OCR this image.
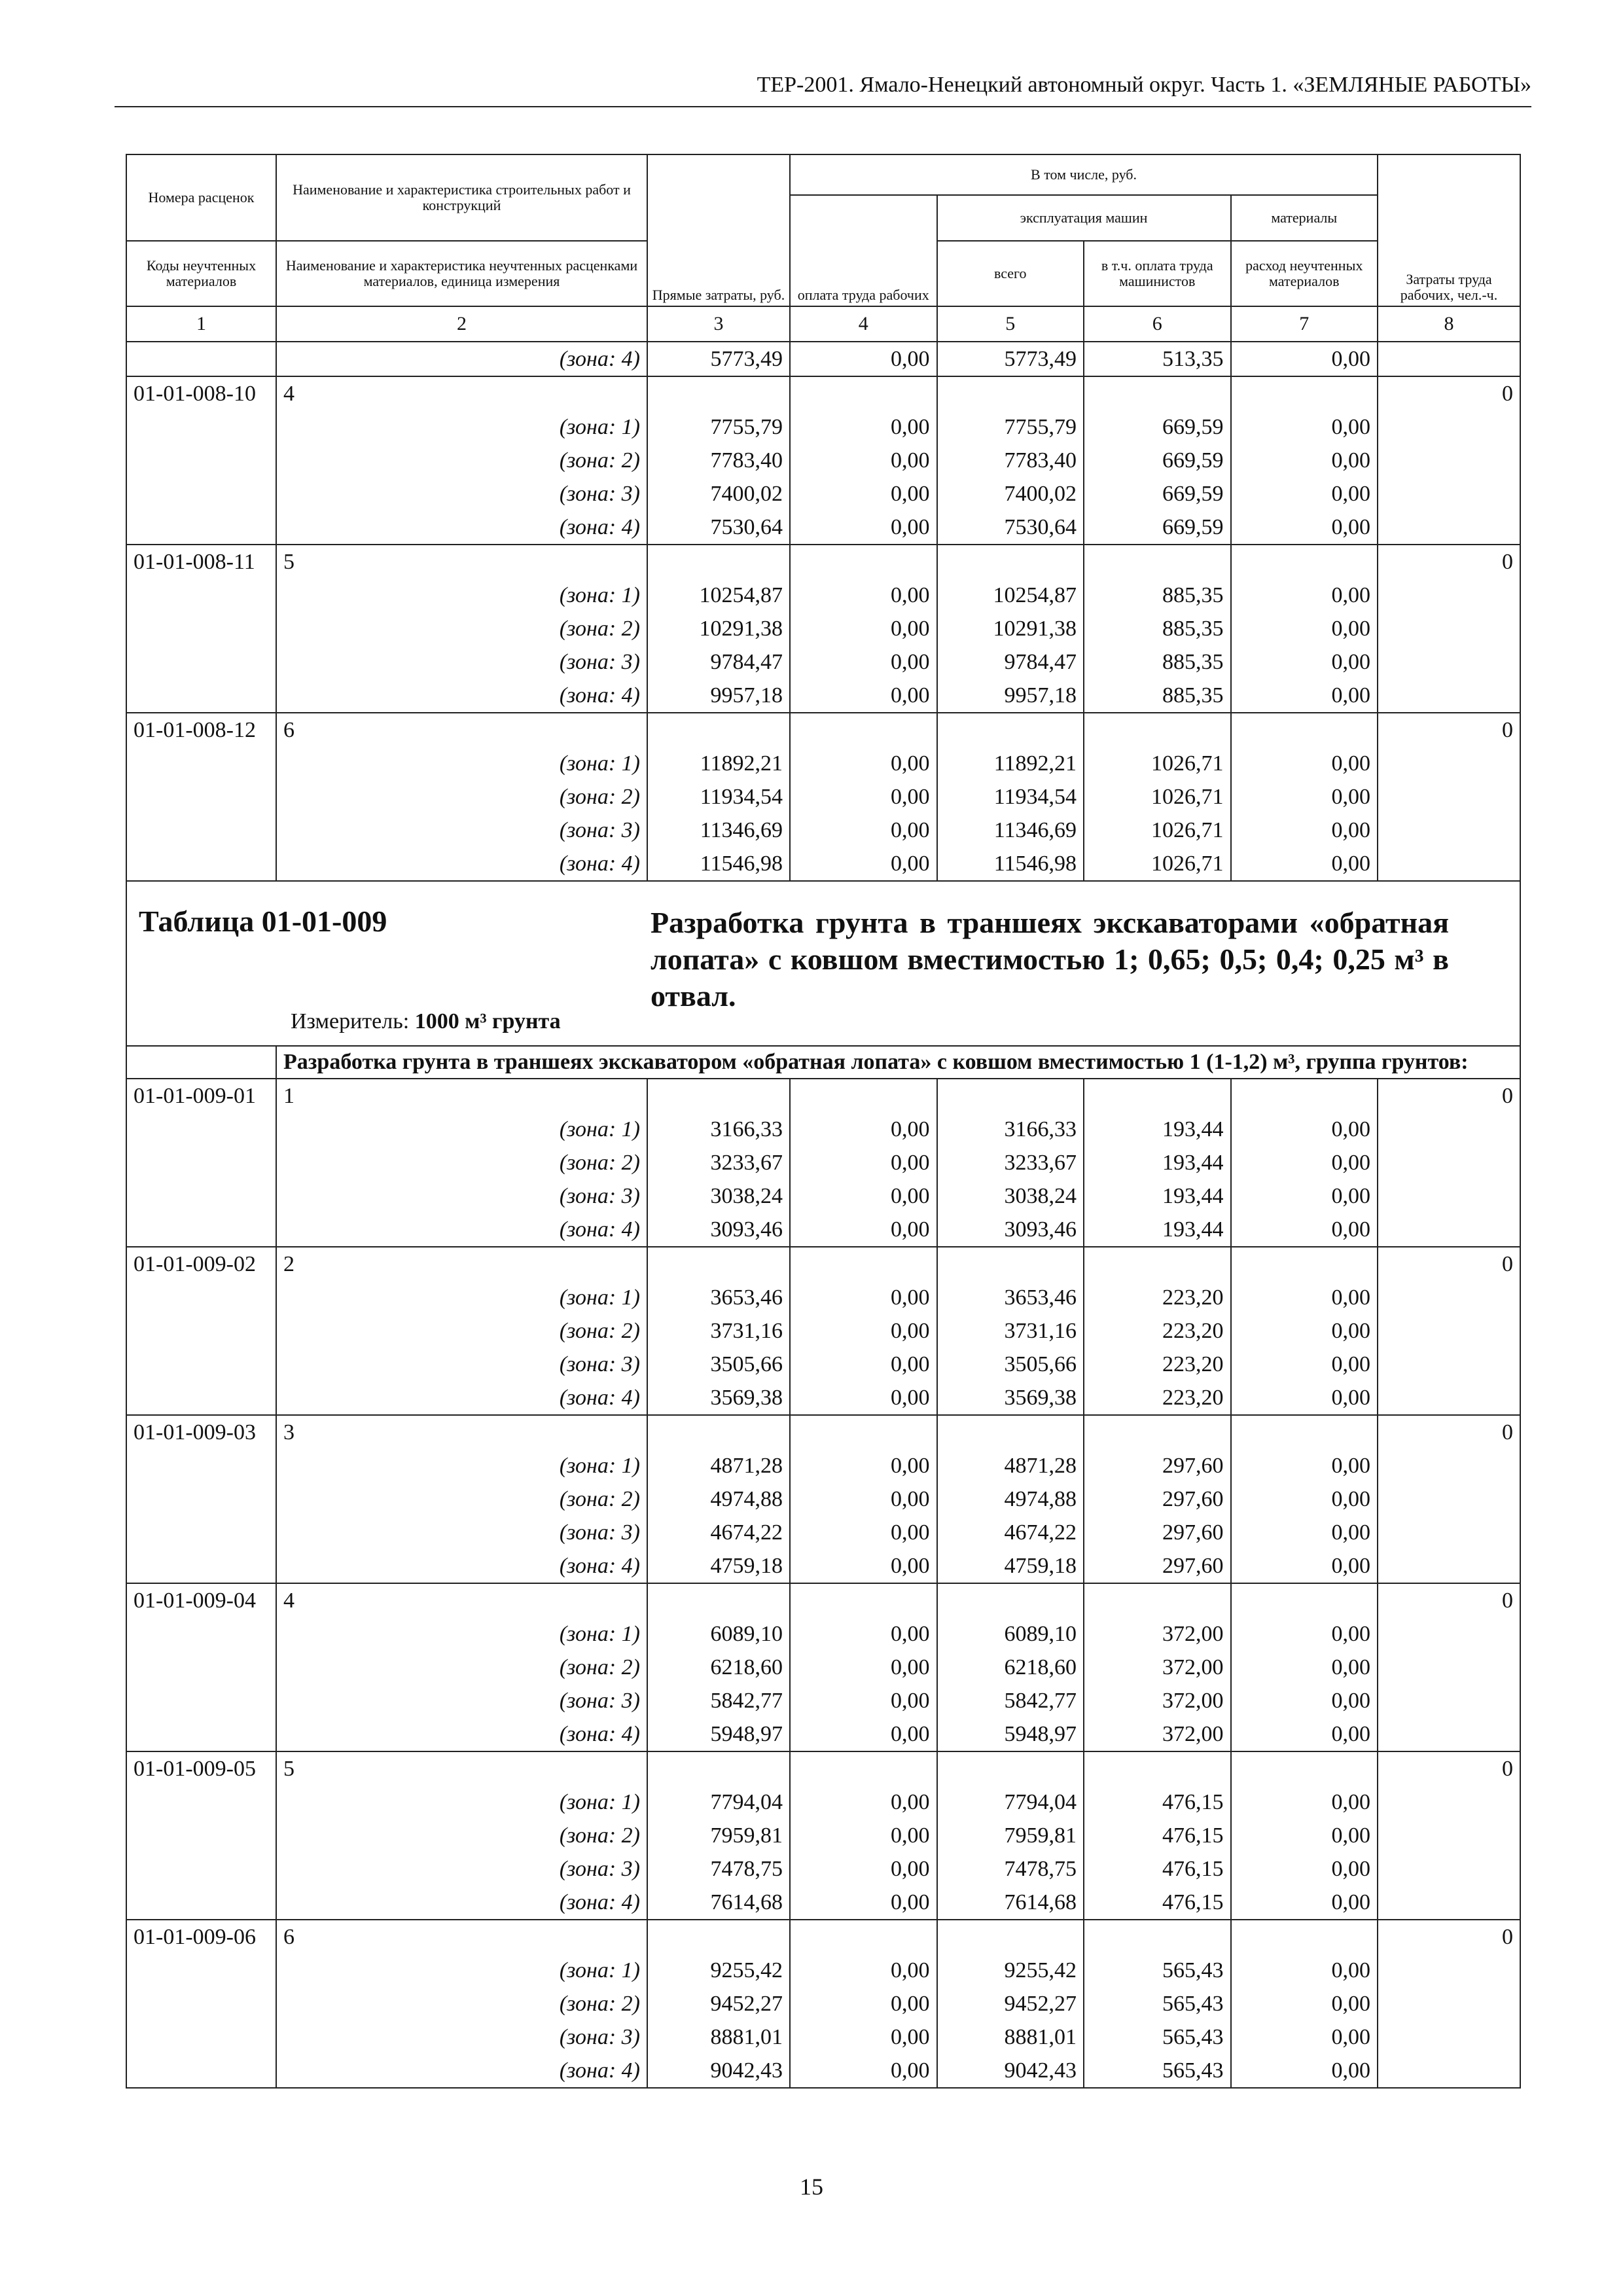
ТЕР-2001. Ямало-Ненецкий автономный округ. Часть 1. «ЗЕМЛЯНЫЕ РАБОТЫ»
Номера расценок	Наименование и характеристика строительных работ и конструкций	Прямые затраты, руб.	В том числе, руб.				Затраты труда рабочих, чел.-ч.
			оплата труда рабочих	эксплуатация машин		материалы	
Коды неучтенных материалов	Наименование и характеристика неучтенных расценками материалов, единица измерения			всего	в т.ч. оплата труда машинистов	расход неучтенных материалов	
1	2	3	4	5	6	7	8
	(зона: 4)	5773,49	0,00	5773,49	513,35	0,00	
01-01-008-10	4						0
	(зона: 1)	7755,79	0,00	7755,79	669,59	0,00	
	(зона: 2)	7783,40	0,00	7783,40	669,59	0,00	
	(зона: 3)	7400,02	0,00	7400,02	669,59	0,00	
	(зона: 4)	7530,64	0,00	7530,64	669,59	0,00	
01-01-008-11	5						0
	(зона: 1)	10254,87	0,00	10254,87	885,35	0,00	
	(зона: 2)	10291,38	0,00	10291,38	885,35	0,00	
	(зона: 3)	9784,47	0,00	9784,47	885,35	0,00	
	(зона: 4)	9957,18	0,00	9957,18	885,35	0,00	
01-01-008-12	6						0
	(зона: 1)	11892,21	0,00	11892,21	1026,71	0,00	
	(зона: 2)	11934,54	0,00	11934,54	1026,71	0,00	
	(зона: 3)	11346,69	0,00	11346,69	1026,71	0,00	
	(зона: 4)	11546,98	0,00	11546,98	1026,71	0,00	

Таблица 01-01-009 Разработка грунта в траншеях экскаваторами «обратная лопата» с ковшом вместимостью 1; 0,65; 0,5; 0,4; 0,25 м³ в отвал.
Измеритель: 1000 м³ грунта							

	Разработка грунта в траншеях экскаватором «обратная лопата» с ковшом вместимостью 1 (1-1,2) м³, группа грунтов:						
01-01-009-01	1						0
	(зона: 1)	3166,33	0,00	3166,33	193,44	0,00	
	(зона: 2)	3233,67	0,00	3233,67	193,44	0,00	
	(зона: 3)	3038,24	0,00	3038,24	193,44	0,00	
	(зона: 4)	3093,46	0,00	3093,46	193,44	0,00	
01-01-009-02	2						0
	(зона: 1)	3653,46	0,00	3653,46	223,20	0,00	
	(зона: 2)	3731,16	0,00	3731,16	223,20	0,00	
	(зона: 3)	3505,66	0,00	3505,66	223,20	0,00	
	(зона: 4)	3569,38	0,00	3569,38	223,20	0,00	
01-01-009-03	3						0
	(зона: 1)	4871,28	0,00	4871,28	297,60	0,00	
	(зона: 2)	4974,88	0,00	4974,88	297,60	0,00	
	(зона: 3)	4674,22	0,00	4674,22	297,60	0,00	
	(зона: 4)	4759,18	0,00	4759,18	297,60	0,00	
01-01-009-04	4						0
	(зона: 1)	6089,10	0,00	6089,10	372,00	0,00	
	(зона: 2)	6218,60	0,00	6218,60	372,00	0,00	
	(зона: 3)	5842,77	0,00	5842,77	372,00	0,00	
	(зона: 4)	5948,97	0,00	5948,97	372,00	0,00	
01-01-009-05	5						0
	(зона: 1)	7794,04	0,00	7794,04	476,15	0,00	
	(зона: 2)	7959,81	0,00	7959,81	476,15	0,00	
	(зона: 3)	7478,75	0,00	7478,75	476,15	0,00	
	(зона: 4)	7614,68	0,00	7614,68	476,15	0,00	
01-01-009-06	6						0
	(зона: 1)	9255,42	0,00	9255,42	565,43	0,00	
	(зона: 2)	9452,27	0,00	9452,27	565,43	0,00	
	(зона: 3)	8881,01	0,00	8881,01	565,43	0,00	
	(зона: 4)	9042,43	0,00	9042,43	565,43	0,00	
15
